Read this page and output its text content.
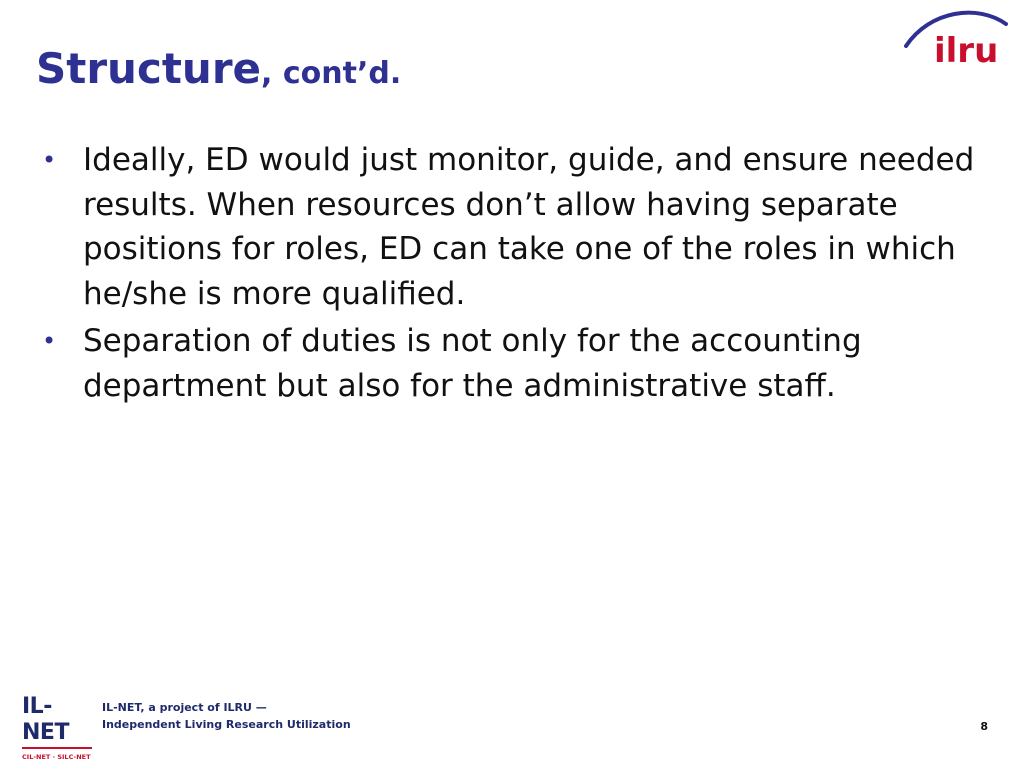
Structure, cont’d.
ilru
• Ideally, ED would just monitor, guide, and ensure needed results. When resources don’t allow having separate positions for roles, ED can take one of the roles in which he/she is more qualified.
• Separation of duties is not only for the accounting department but also for the administrative staff.
IL-NET
CIL-NET · SILC-NET
IL-NET, a project of ILRU —
Independent Living Research Utilization	8
